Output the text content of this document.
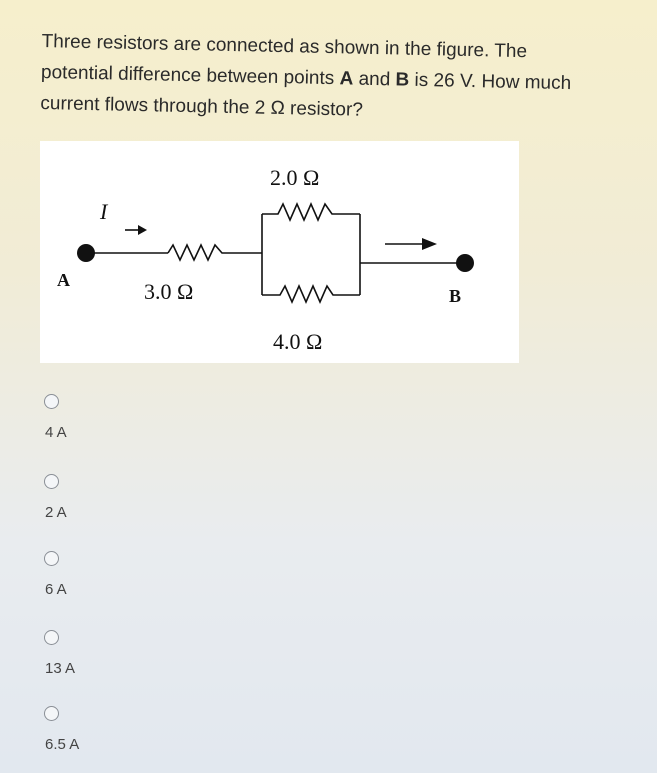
Three resistors are connected as shown in the figure. The
potential difference between points A and B is 26 V. How much
current flows through the 2 Ω resistor?
I
3.0 Ω
2.0 Ω
4.0 Ω
A
B
4 A
2 A
6 A
13 A
6.5 A
